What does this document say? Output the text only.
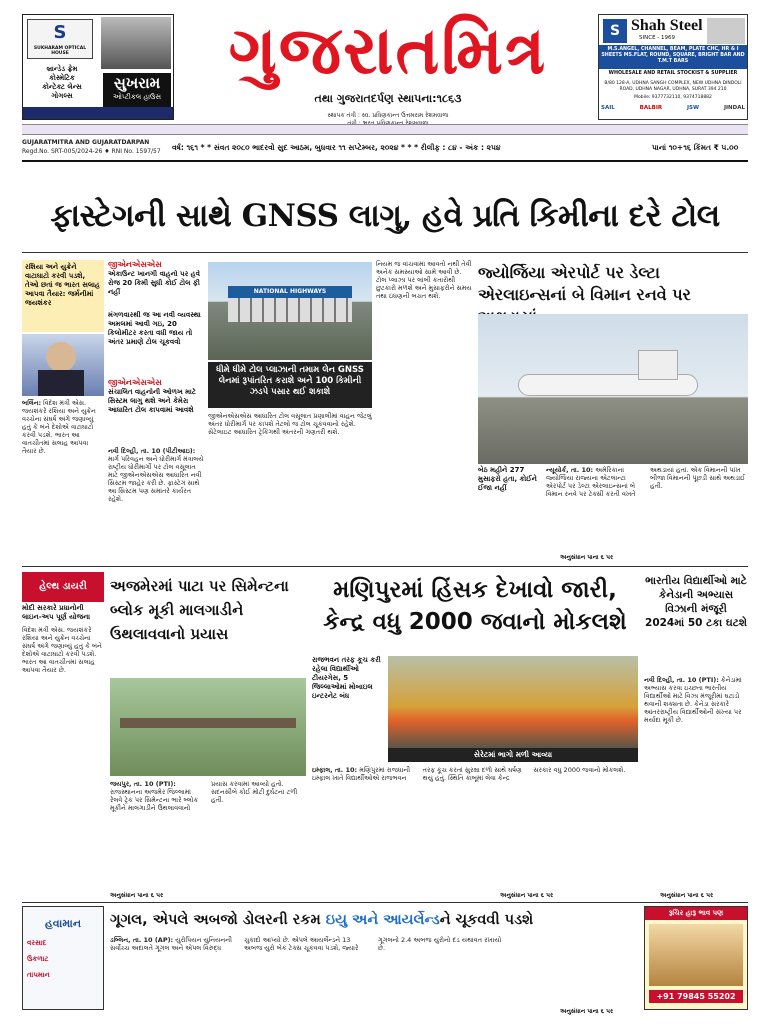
S
SUKHARAM OPTICAL HOUSE
બ્રાન્ડેડ ફ્રેમ
કોસ્મેટિક
કોન્ટેક્ટ લેન્સ
ગોગલ્સ
સુખરામ
ઓપ્ટીકલ હાઉસ
ગુજરાતમિત્ર
તથા ગુજરાતદર્પણ સ્થાપના:૧૮૬૩
સ્થાપક તંત્રી : સ્વ. પ્રવિણકાન્ત ઉત્તમરામ રેશમવાળા
S Shah Steel
SINCE - 1969
M.S.ANGEL, CHANNEL, BEAM, PLATE CHC, HR & I SHEETS MS.FLAT, ROUND, SQUARE, BRIGHT BAR AND T.M.T BARS
WHOLESALE AND RETAIL STOCKIST & SUPPLIER
B/80 128-A, UDHNA SANGH COMPLEX, NEW UDHNA DINDOLI ROAD, UDHNA NAGAR, UDHNA, SURAT 394 210
Mobile: 9377732110, 9374718882
SAIL	BALBIR	JSW	JINDAL
GUJARATMITRA AND GUJARATDARPAN
Regd.No. SRT-005/2024-26 ♦ RNI No. 1597/57 વર્ષ: ૧૬૧ * * સંવત ૨૦૮૦ ભાદરવો સુદ આઠમ, બુધવાર ૧૧ સપ્ટેમ્બર, ૨૦૨૪ * * * રીલીફ : ૮૪ - અંક : ૨૫૪	પાનાં ૧૦+૧૬ કિંમત ₹ ૫.૦૦
ફાસ્ટેગની સાથે GNSS લાગુ, હવે પ્રતિ કિમીના દરે ટોલ
રશિયા અને યુક્રેને વાટાઘાટો કરવી પડશે, તેઓ છતાં જ ભારત સલાહ આપવા તૈયાર: જર્મનીમાં જયશંકર
બર્લિન: વિદેશ મંત્રી એસ. જયશંકરે રશિયા અને યુક્રેન વચ્ચેના સંઘર્ષ અંગે જણાવ્યું હતું કે બંને દેશોએ વાટાઘાટો કરવી પડશે. ભારત આ વાતચીતમાં સલાહ આપવા તૈયાર છે.
જીએનએસએસ
એકાઉન્ટ ખાનગી વાહનો પર હવે રોજ 20 કિમી સુધી કોઈ ટોલ ફી નહીં
મંગળવારથી જ આ નવી વ્યવસ્થા અમલમાં આવી ગઇ, 20 કિલોમીટર કરતા વધી જાય તો અંતર પ્રમાણે ટોલ ચૂકવવો
જીએનએસએસ
સંચાલિત વાહનોની ઓળખ માટે સિસ્ટમ લાગુ થશે અને કેમેરા આધારિત ટોલ કાપવામાં આવશે
નવી દિલ્હી, તા. 10 (પીટીઆઇ): માર્ગ પરિવહન અને ધોરીમાર્ગ મંત્રાલયે રાષ્ટ્રીય ધોરીમાર્ગો પર ટોલ વસૂલાત માટે જીએનએસએસ આધારિત નવી સિસ્ટમ જાહેર કરી છે. ફાસ્ટેગ સાથે આ સિસ્ટમ પણ સમાંતરે કાર્યરત રહેશે.
NATIONAL HIGHWAYS
ધીમે ધીમે ટોલ પ્લાઝાની તમામ લેન GNSS લેનમાં રૂપાંતરિત કરાશે અને 100 કિમીની ઝડપે પસાર થઈ શકાશે
જીએનએસએસ આધારિત ટોલ વસૂલાત પ્રણાલીમાં વાહન જેટલું અંતર ધોરીમાર્ગ પર કાપશે તેટલો જ ટોલ ચૂકવવાનો રહેશે. સેટેલાઇટ આધારિત ટ્રેકિંગથી અંતરની ગણતરી થશે.
નિયમ જ વાંચવામાં આવતો નથી તેવી અનેક સમસ્યાઓ સામે આવી છે. ટોલ પ્લાઝા પર લાંબી કતારોથી છુટકારો મળશે અને મુસાફરોને સમય તથા ઇંધણની બચત થશે.
જ્યોર્જિયા એરપોર્ટ પર ડેલ્ટા એરલાઇન્સનાં બે વિમાન રનવે પર
બેઠ મહીને 277 મુસાફરો હતા, કોઈને ઈજા નહીં
ન્યૂયોર્ક, તા. 10: અમેરિકાના જ્યોર્જિયા રાજ્યના એટલાન્ટા એરપોર્ટ પર ડેલ્ટા એરલાઇન્સનાં બે વિમાન રનવે પર ટેક્સી કરતી વખતે અથડાયાં હતાં. એક વિમાનની પાંખ બીજા વિમાનની પૂંછડી સાથે અથડાઈ હતી.
અનુસંધાન પાના ૬ પર
હેલ્થ ડાયરી
મોદી સરકારે પ્રધાનોની લાઇન-અપ પૂર્ણ યોજના
વિદેશ મંત્રી એસ. જયશંકરે રશિયા અને યુક્રેન વચ્ચેના સંઘર્ષ અંગે જણાવ્યું હતું કે બંને દેશોએ વાટાઘાટો કરવી પડશે. ભારત આ વાતચીતમાં સલાહ આપવા તૈયાર છે.
અજમેરમાં પાટા પર સિમેન્ટના બ્લોક મૂકી માલગાડીને ઉથલાવવાનો પ્રયાસ
જયપુર, તા. 10 (PTI): રાજસ્થાનના અજમેર જિલ્લામાં રેલવે ટ્રેક પર સિમેન્ટના ભારે બ્લોક મૂકીને માલગાડીને ઉથલાવવાનો પ્રયાસ કરવામાં આવ્યો હતો. સદનસીબે કોઈ મોટી દુર્ઘટના ટળી હતી.
અનુસંધાન પાના ૬ પર
મણિપુરમાં હિંસક દેખાવો જારી, કેન્દ્ર વધુ 2000 જવાનો મોકલશે
રાજભવન તરફ કૂચ કરી રહેલા વિદ્યાર્થીઓ ટીયરગેસ, 5 જિલ્લાઓમાં મોબાઇલ ઇન્ટરનેટ બંધ
સેરેટમાં ભાગો મળી આવ્યા
ઇમ્ફાલ, તા. 10: મણિપુરમાં રાજધાની ઇમ્ફાલ ખાતે વિદ્યાર્થીઓએ રાજભવન તરફ કૂચ કરતાં સુરક્ષા દળો સાથે ઘર્ષણ થયું હતું. સ્થિતિ કાબૂમાં લેવા કેન્દ્ર સરકાર વધુ 2000 જવાનો મોકલશે.
અનુસંધાન પાના ૬ પર
ભારતીય વિદ્યાર્થીઓ માટે કેનેડાની અભ્યાસ વિઝાની મંજૂરી 2024માં 50 ટકા ઘટશે
નવી દિલ્હી, તા. 10 (PTI): કેનેડામાં અભ્યાસ કરવા ઇચ્છતા ભારતીય વિદ્યાર્થીઓ માટે વિઝા મંજૂરીમાં ઘટાડો થવાની શક્યતા છે. કેનેડા સરકારે આંતરરાષ્ટ્રીય વિદ્યાર્થીઓની સંખ્યા પર મર્યાદા મૂકી છે.
અનુસંધાન પાના ૬ પર
હવામાન
વરસાદ
ઉકળાટ
તાપમાન
ગૂગલ, એપલે અબજો ડોલરની રકમ ઇયુ અને આયર્લેન્ડને ચૂકવવી પડશે
ડબ્લિન, તા. 10 (AP): યુરોપિયન યુનિયનની સર્વોચ્ચ અદાલતે ગૂગલ અને એપલ વિરુદ્ધ ચુકાદો આપ્યો છે. એપલે આયર્લેન્ડને 13 અબજ યુરો બેક ટેક્સ ચૂકવવા પડશે, જ્યારે ગૂગલનો 2.4 અબજ યુરોનો દંડ યથાવત રખાયો છે.
અનુસંધાન પાના ૬ પર
રૂચિર હારૂ ભાવ પણ
+91 79845 55202
